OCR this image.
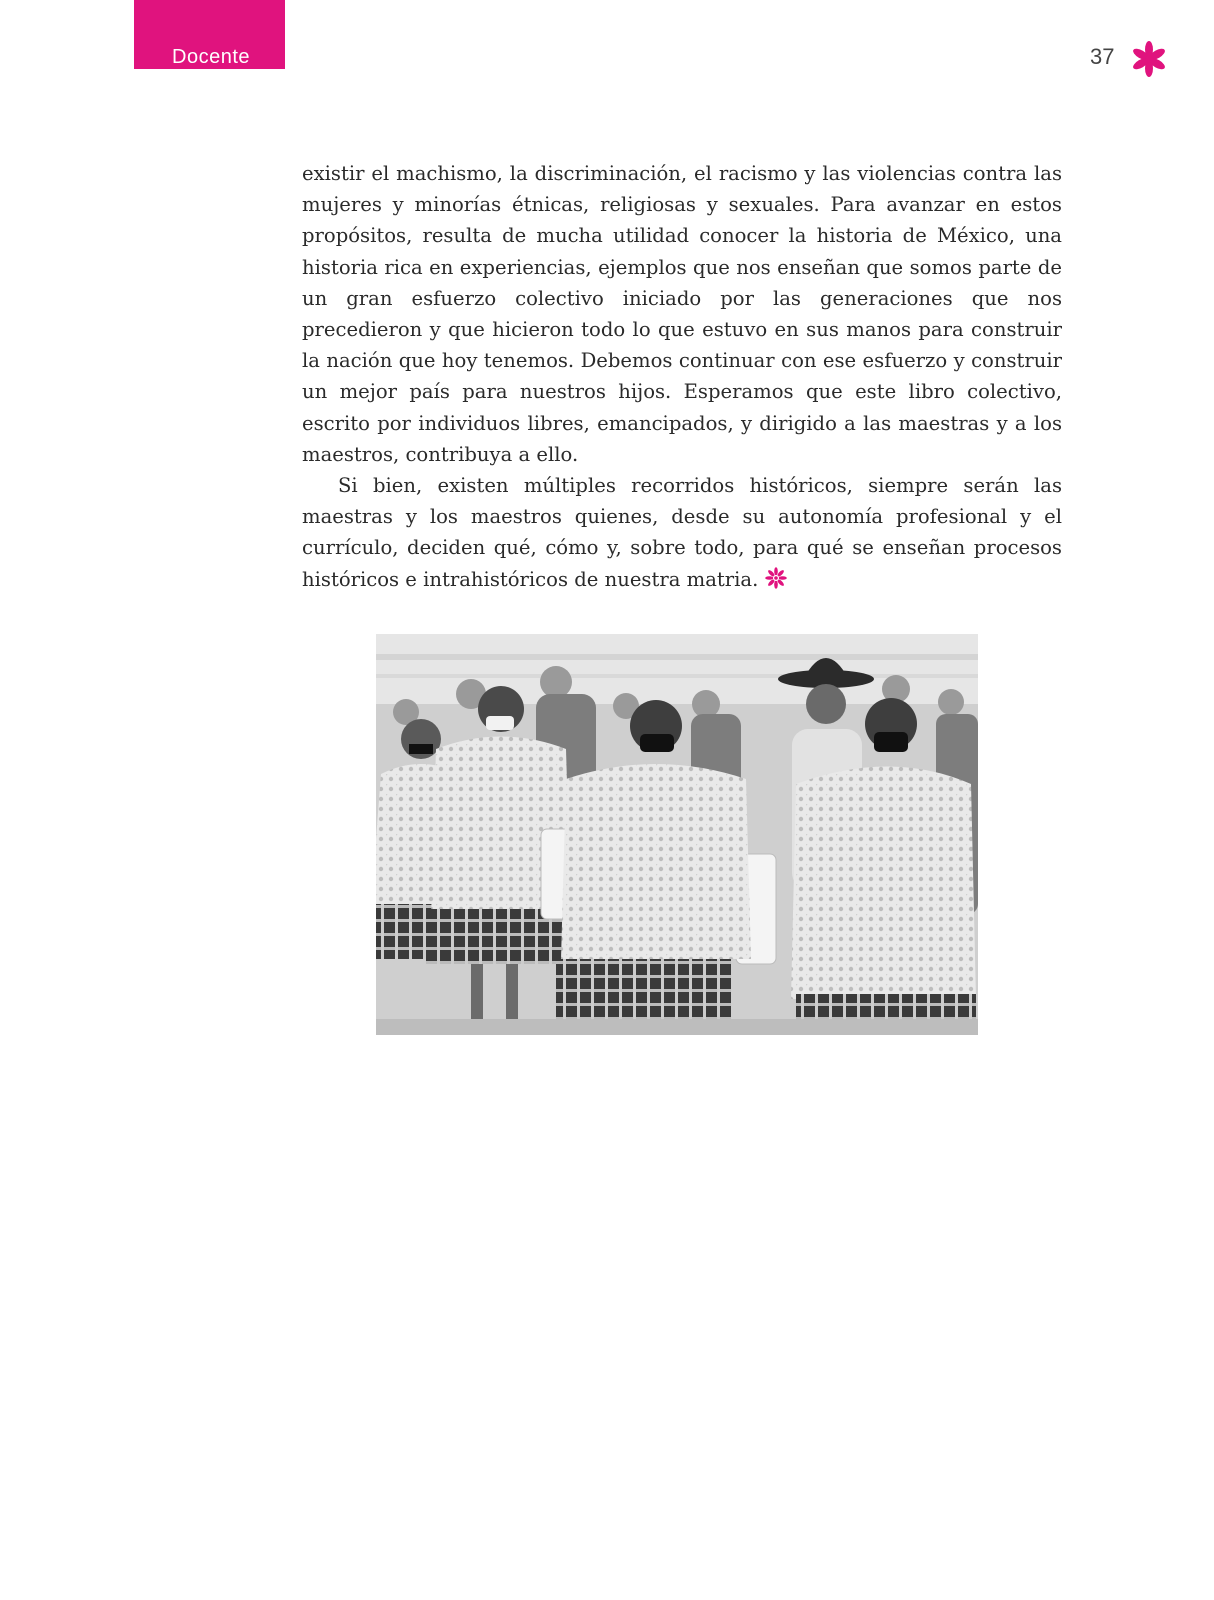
Docente	37

existir el machismo, la discriminación, el racismo y las violencias contra las mujeres y minorías étnicas, religiosas y sexuales. Para avanzar en estos propósitos, resulta de mucha utilidad conocer la historia de México, una historia rica en experiencias, ejemplos que nos enseñan que somos parte de un gran esfuerzo colectivo iniciado por las generaciones que nos precedieron y que hicieron todo lo que estuvo en sus manos para construir la nación que hoy tenemos. Debemos continuar con ese esfuerzo y construir un mejor país para nuestros hijos. Esperamos que este libro colectivo, escrito por individuos libres, emancipados, y dirigido a las maestras y a los maestros, contribuya a ello.

Si bien, existen múltiples recorridos históricos, siempre serán las maestras y los maestros quienes, desde su autonomía profesional y el currículo, deciden qué, cómo y, sobre todo, para qué se enseñan procesos históricos e intrahistóricos de nuestra matria.
